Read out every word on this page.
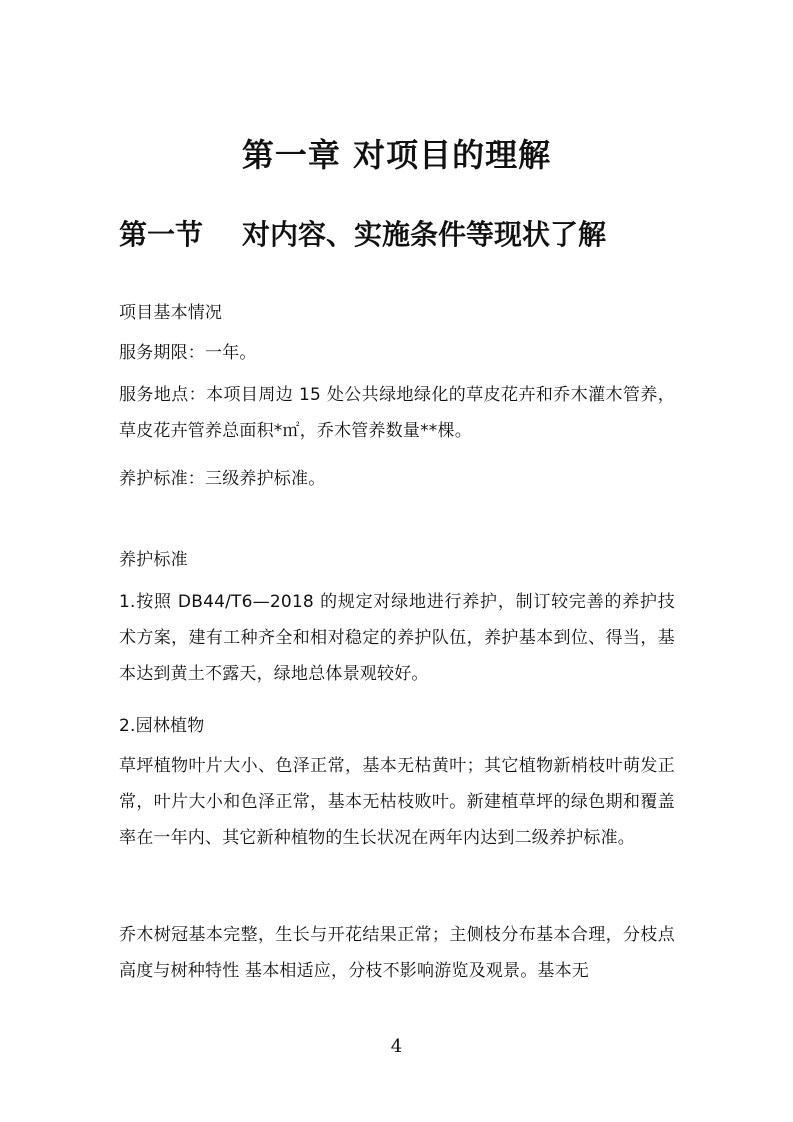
第一章 对项目的理解
第一节    对内容、实施条件等现状了解
项目基本情况
服务期限：一年。
服务地点：本项目周边 15 处公共绿地绿化的草皮花卉和乔木灌木管养，草皮花卉管养总面积*㎡，乔木管养数量**棵。
养护标准：三级养护标准。
养护标准
1.按照 DB44/T6—2018 的规定对绿地进行养护，制订较完善的养护技术方案，建有工种齐全和相对稳定的养护队伍，养护基本到位、得当，基本达到黄土不露天，绿地总体景观较好。
2.园林植物
草坪植物叶片大小、色泽正常，基本无枯黄叶；其它植物新梢枝叶萌发正常，叶片大小和色泽正常，基本无枯枝败叶。新建植草坪的绿色期和覆盖率在一年内、其它新种植物的生长状况在两年内达到二级养护标准。
乔木树冠基本完整，生长与开花结果正常；主侧枝分布基本合理，分枝点高度与树种特性 基本相适应，分枝不影响游览及观景。基本无
4
